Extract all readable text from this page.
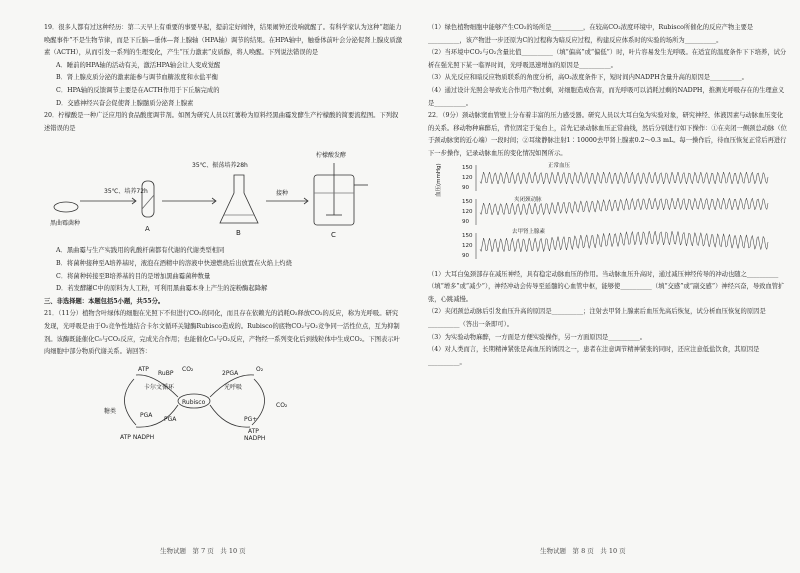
19．很多人都有过这种经历：第二天早上有重要的事要早起，提前定好闹钟，结果闹钟还没响就醒了。有科学家认为这种“超能力唤醒事件”不是生物节律，而是下丘脑—垂体—肾上腺轴（HPA轴）调节的结果。在HPA轴中，触垂体前叶会分泌促肾上腺皮质激素（ACTH），从而引发一系列的生理变化，产生“压力激素”皮质醇，将人唤醒。下列说法错误的是

A．睡前的HPA轴的活动有关，激活HPA轴会让人变成觉醒

B．肾上腺皮质分泌的激素能参与调节血糖浓度和水盐平衡

C．HPA轴的反馈调节主要是在ACTH作用于下丘脑完成的

D．交感神经兴奋会促使肾上腺髓质分泌肾上腺素

20．柠檬酸是一种广泛应用的食品酸度调节剂。如图为研究人员以红薯粉为原料经黑曲霉发酵生产柠檬酸的简要流程图。下列叙述错误的是

35℃、培养72h
35℃、振荡培养28h
黑曲霉菌种
接种
柠檬酸发酵
A	B	C

A．黑曲霉与生产实践用的乳酸杆菌都有代谢的代谢类型相同

B．将菌种接种至A培养基时，液泡在酒精中的溶液中快速燃烧后出放置在火焰上灼烧

C．将菌种转接至B培养基的目的是增加黑曲霉菌种数量

D．若发酵罐C中的原料为人工粉，可利用黑曲霉本身上产生的淀粉酶起降解

三、非选择题：本题包括5小题，共55分。

21．（11分）植物含叶绿体的细胞在光照下不但进行CO₂的同化，而且存在依赖光的消耗O₂释放CO₂的反应，称为光呼吸。研究发现，光呼吸是由于O₂竞争性地结合卡尔文循环关键酶Rubisco造成的。Rubisco的底物CO₂与O₂竞争同一活性位点，互为抑制剂。该酶既能催化C₅与CO₂反应，完成光合作用；也能催化C₅与O₂反应，产物经一系列变化后到线粒体中生成CO₂。下图表示叶肉细胞中部分物质代谢关系。请回答：

ATP
RuBP
CO₂
卡尔文循环
Rubisco
光呼吸
PGA
PGA
2PGA
糖类
ATP NADPH
O₂
CO₂
PG+
ATP
NADPH
生物试题　第 7 页　共 10 页

（1）绿色植物细胞中能够产生CO₂的场所是__________，在较高CO₂浓度环境中，Rubisco所催化的反应产物主要是__________，该产物进一步还原为C的过程称为暗反应过程，构建反应体系时的实验的场所为__________。

（2）当环境中CO₂与O₂含量比值__________（填“偏高”或“偏低”）时，叶片容易发生光呼吸。在适宜的温度条件下下培养，试分析在强光照下某一临界时间，光呼吸迅速增加的原因是__________。

（3）从光反应和暗反应物质联系的角度分析，高O₂浓度条件下，短时间内NADPH含量升高的原因是__________。

（4）通过设计光照会导致光合作用产物过剩，对细胞造成伤害，而光呼吸可以消耗过剩的NADPH，推测光呼吸存在的生理意义是__________。

22．（9分）颈动脉窦血管壁上分布着丰富的压力感受器。研究人员以大耳白兔为实验对象，研究神经、体液因素与动脉血压变化的关系。移动物种麻醉后，背位固定于兔台上，首先记录动脉血压正常曲线，然后分别进行如下操作：①在夹闭一侧颈总动脉（位于颈动脉窦的近心端）一段时间；②耳缘静脉注射1∶10000去甲肾上腺素0.2～0.3 mL。每一操作后，待血压恢复正常后再进行下一步操作，记录动脉血压的变化情况如图所示。

血压(mmHg)	150
120
90
150
120
90
150
120
90
正常血压
夹闭颈动脉
去甲肾上腺素

（1）大耳白兔颈部存在减压神经，具有稳定动脉血压的作用。当动脉血压升高时，通过减压神经传导的冲动也随之__________（填“增多”或“减少”），神经冲动会传导至延髓的心血管中枢，能够使__________（填“交感”或“副交感”）神经兴奋，导致血管扩张，心跳减慢。

（2）夹闭颈总动脉后引发血压升高的原因是__________；注射去甲肾上腺素后血压先高后恢复，试分析血压恢复的原因是__________（答出一条即可）。

（3）为实验动物麻醉，一方面是方便实验操作，另一方面原因是__________。

（4）对人类而言，长期精神紧张是高血压的诱因之一，患者在注意调节精神紧张的同时，还应注意低盐饮食，其原因是__________。

生物试题　第 8 页　共 10 页
